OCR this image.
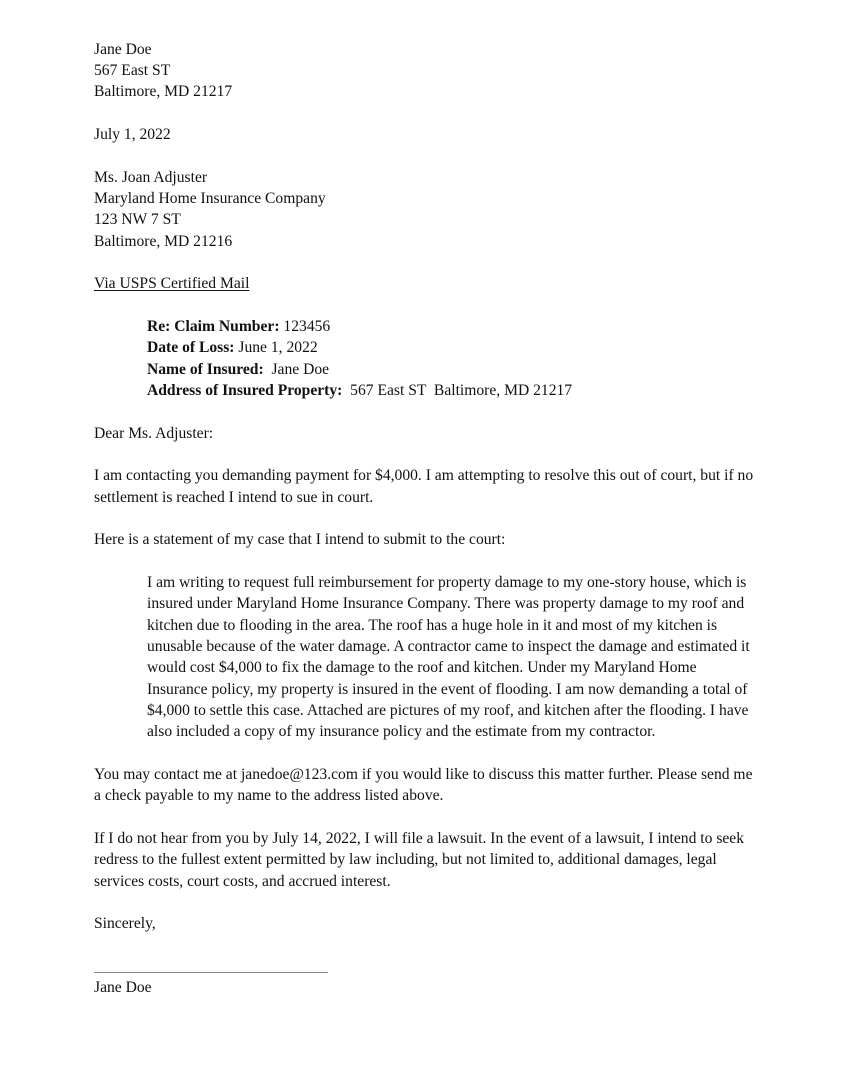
Jane Doe
567 East ST
Baltimore, MD 21217
July 1, 2022
Ms. Joan Adjuster
Maryland Home Insurance Company
123 NW 7 ST
Baltimore, MD 21216
Via USPS Certified Mail
Re: Claim Number: 123456
Date of Loss: June 1, 2022
Name of Insured:  Jane Doe
Address of Insured Property:  567 East ST  Baltimore, MD 21217
Dear Ms. Adjuster:
I am contacting you demanding payment for $4,000. I am attempting to resolve this out of court, but if no
settlement is reached I intend to sue in court.
Here is a statement of my case that I intend to submit to the court:
I am writing to request full reimbursement for property damage to my one-story house, which is
insured under Maryland Home Insurance Company. There was property damage to my roof and
kitchen due to flooding in the area. The roof has a huge hole in it and most of my kitchen is
unusable because of the water damage. A contractor came to inspect the damage and estimated it
would cost $4,000 to fix the damage to the roof and kitchen. Under my Maryland Home
Insurance policy, my property is insured in the event of flooding. I am now demanding a total of
$4,000 to settle this case. Attached are pictures of my roof, and kitchen after the flooding. I have
also included a copy of my insurance policy and the estimate from my contractor.
You may contact me at janedoe@123.com if you would like to discuss this matter further. Please send me
a check payable to my name to the address listed above.
If I do not hear from you by July 14, 2022, I will file a lawsuit. In the event of a lawsuit, I intend to seek
redress to the fullest extent permitted by law including, but not limited to, additional damages, legal
services costs, court costs, and accrued interest.
Sincerely,
Jane Doe
